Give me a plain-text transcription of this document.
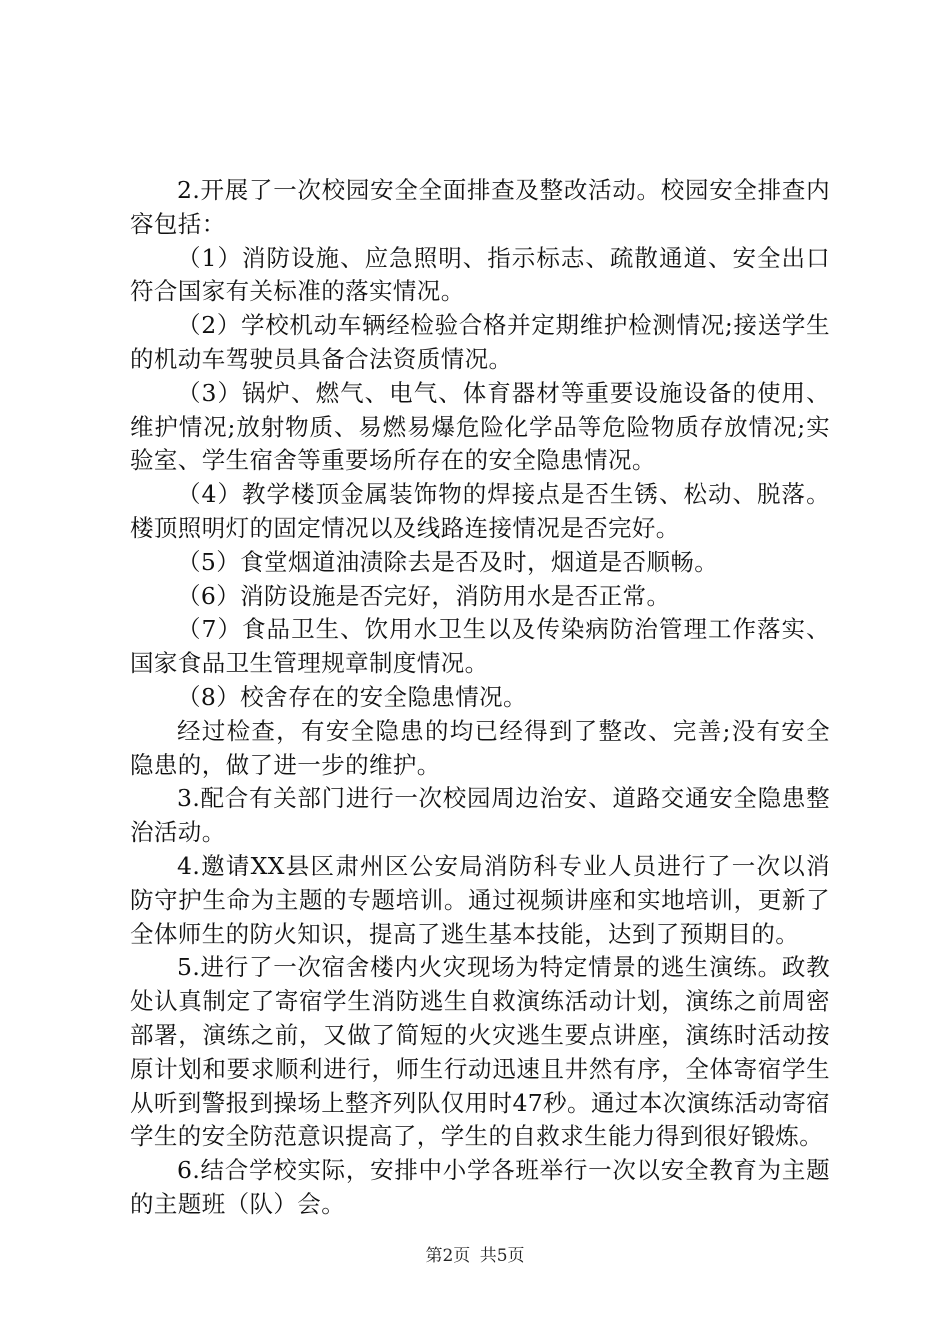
2.开展了一次校园安全全面排查及整改活动。校园安全排查内容包括：

（1）消防设施、应急照明、指示标志、疏散通道、安全出口符合国家有关标准的落实情况。

（2）学校机动车辆经检验合格并定期维护检测情况;接送学生的机动车驾驶员具备合法资质情况。

（3）锅炉、燃气、电气、体育器材等重要设施设备的使用、维护情况;放射物质、易燃易爆危险化学品等危险物质存放情况;实验室、学生宿舍等重要场所存在的安全隐患情况。

（4）教学楼顶金属装饰物的焊接点是否生锈、松动、脱落。楼顶照明灯的固定情况以及线路连接情况是否完好。

（5）食堂烟道油渍除去是否及时，烟道是否顺畅。

（6）消防设施是否完好，消防用水是否正常。

（7）食品卫生、饮用水卫生以及传染病防治管理工作落实、国家食品卫生管理规章制度情况。

（8）校舍存在的安全隐患情况。

经过检查，有安全隐患的均已经得到了整改、完善;没有安全隐患的，做了进一步的维护。

3.配合有关部门进行一次校园周边治安、道路交通安全隐患整治活动。

4.邀请XX县区肃州区公安局消防科专业人员进行了一次以消防守护生命为主题的专题培训。通过视频讲座和实地培训，更新了全体师生的防火知识，提高了逃生基本技能，达到了预期目的。

5.进行了一次宿舍楼内火灾现场为特定情景的逃生演练。政教处认真制定了寄宿学生消防逃生自救演练活动计划，演练之前周密部署，演练之前，又做了简短的火灾逃生要点讲座，演练时活动按原计划和要求顺利进行，师生行动迅速且井然有序，全体寄宿学生从听到警报到操场上整齐列队仅用时47秒。通过本次演练活动寄宿学生的安全防范意识提高了，学生的自救求生能力得到很好锻炼。

6.结合学校实际，安排中小学各班举行一次以安全教育为主题的主题班（队）会。

第2页 共5页
